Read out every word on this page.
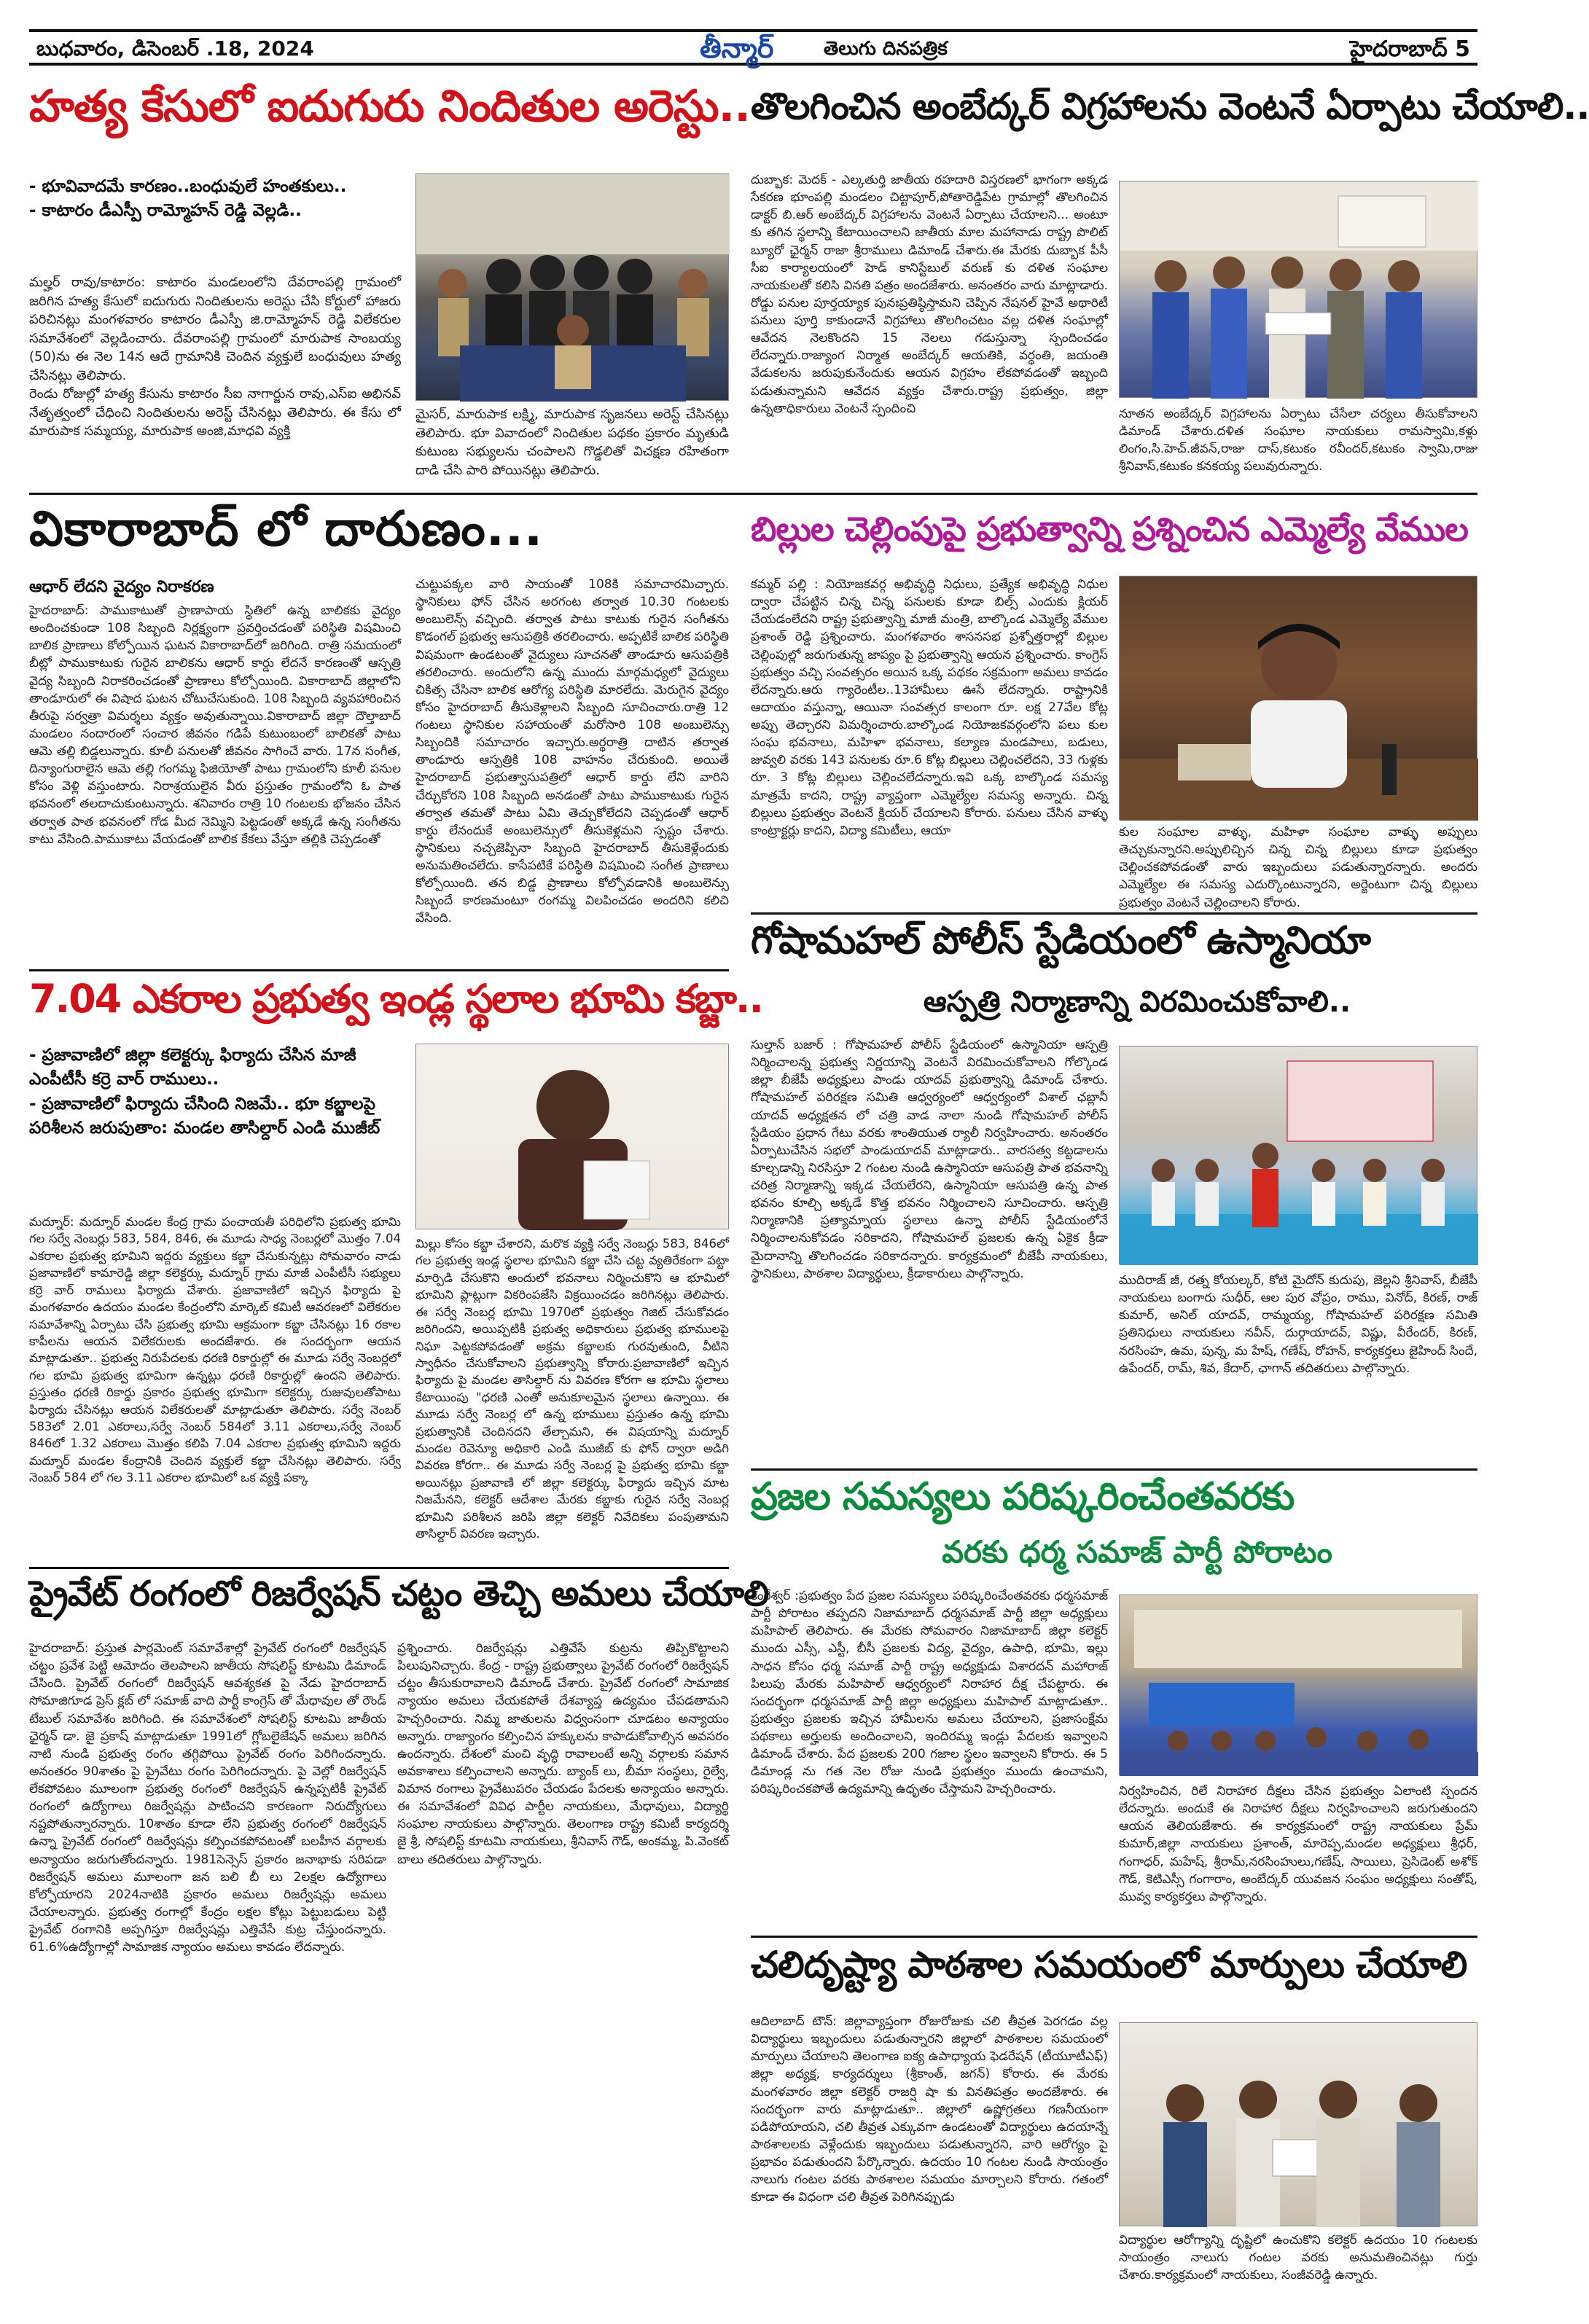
బుధవారం, డిసెంబర్ .18, 2024	తీన్మార్	తెలుగు దినపత్రిక	హైదరాబాద్ 5
హత్య కేసులో ఐదుగురు నిందితుల అరెస్టు..
- భూవివాదమే కారణం..బంధువులే హంతకులు..
- కాటారం డీఎస్పీ రామ్మోహన్ రెడ్డి వెల్లడి..
మల్హర్ రావు/కాటారం: కాటారం మండలంలోని దేవరాంపల్లి గ్రామంలో జరిగిన హత్య కేసులో ఐదుగురు నిందితులను అరెస్టు చేసి కోర్టులో హాజరు పరిచినట్లు మంగళవారం కాటారం డీఎస్పీ జి.రామ్మోహన్ రెడ్డి విలేకరుల సమావేశంలో వెల్లడించారు. దేవరాంపల్లి గ్రామంలో మారుపాక సాంబయ్య (50)ను ఈ నెల 14న ఆదే గ్రామానికి చెందిన వ్యక్తులే బంధువులు హత్య చేసినట్లు తెలిపారు.
రెండు రోజుల్లో హత్య కేసును కాటారం సీఐ నాగార్జున రావు,ఎస్‌ఐ అభినవ్ నేతృత్వంలో చేధించి నిందితులను అరెస్ట్ చేసినట్లు తెలిపారు. ఈ కేసు లో మారుపాక సమ్మయ్య, మారుపాక అంజి,మాధవి వ్యక్తి
మైసర్, మారుపాక లక్ష్మి, మారుపాక సృజనలు అరెస్ట్ చేసినట్లు తెలిపారు. భూ వివాదంలో నిందితుల పథకం ప్రకారం మృతుడి కుటుంబ సభ్యులను చంపాలని గొడ్డలితో విచక్షణ రహితంగా దాడి చేసి పారి పోయినట్లు తెలిపారు.
తొలగించిన అంబేద్కర్ విగ్రహాలను వెంటనే ఏర్పాటు చేయాలి..
దుబ్బాక: మెదక్ - ఎల్కతుర్తి జాతీయ రహదారి విస్తరణలో భాగంగా అక్కడ సేకరణ భూంపల్లి మండలం చిట్టాపూర్,పోతారెడ్డిపేట గ్రామాల్లో తొలగించిన డాక్టర్ బి.ఆర్ అంబేద్కర్ విగ్రహాలను వెంటనే ఏర్పాటు చేయాలని... అంటూ కు తగిన స్థలాన్ని కేటాయించాలని జాతీయ మాల మహానాడు రాష్ట్ర పొలిట్ బ్యూరో ఛైర్మన్ రాజా శ్రీరాములు డిమాండ్ చేశారు.ఈ మేరకు దుబ్బాక పీసీ సీఐ కార్యాలయంలో హెడ్ కానిస్టేబుల్ వరుణ్ కు దళిత సంఘాల నాయకులతో కలిసి వినతి పత్రం అందజేశారు. అనంతరం వారు మాట్లాడారు. రోడ్డు పనుల పూర్తయ్యాక పునఃప్రతిష్ఠిస్తామని చెప్పిన నేషనల్ హైవే అథారిటీ పనులు పూర్తి కాకుండానే విగ్రహాలు తొలగించటం వల్ల దళిత సంఘాల్లో ఆవేదన నెలకొందని 15 నెలలు గడుస్తున్నా స్పందించడం లేదన్నారు.రాజ్యాంగ నిర్మాత అంబేద్కర్ ఆయతికి, వర్ధంతి, జయంతి వేడుకలను జరుపుకునేందుకు ఆయన విగ్రహం లేకపోవడంతో ఇబ్బంది పడుతున్నామని ఆవేదన వ్యక్తం చేశారు.రాష్ట్ర ప్రభుత్వం, జిల్లా ఉన్నతాధికారులు వెంటనే స్పందించి	నూతన అంబేద్కర్ విగ్రహాలను ఏర్పాటు చేసేలా చర్యలు తీసుకోవాలని డిమాండ్ చేశారు.దళిత సంఘాల నాయకులు రామస్వామి,కళ్లు లింగం,సి.హెచ్.జీవన్,రాజు దాస్,కటుకం రవీందర్,కటుకం స్వామి,రాజు శ్రీనివాస్,కటుకం కనకయ్య పలువురున్నారు.
వికారాబాద్ లో దారుణం...
ఆధార్ లేదని వైద్యం నిరాకరణ
హైదరాబాద్: పాముకాటుతో ప్రాణాపాయ స్థితిలో ఉన్న బాలికకు వైద్యం అందించకుండా 108 సిబ్బంది నిర్లక్ష్యంగా ప్రవర్తించడంతో పరిస్థితి విషమించి బాలిక ప్రాణాలు కోల్పోయిన ఘటన వికారాబాద్‌లో జరిగింది. రాత్రి సమయంలో బీట్లో పాముకాటుకు గురైన బాలికను ఆధార్ కార్డు లేదనే కారణంతో ఆస్పత్రి వైద్య సిబ్బంది నిరాకరించడంతో ప్రాణాలు కోల్పోయింది. వికారాబాద్ జిల్లాలోని తాండూరులో ఈ విషాద ఘటన చోటుచేసుకుంది. 108 సిబ్బంది వ్యవహారించిన తీరుపై సర్వత్రా విమర్శలు వ్యక్తం అవుతున్నాయి.వికారాబాద్ జిల్లా దౌల్తాబాద్ మండలం నందారంలో సంచార జీవనం గడిపే కుటుంబంలో బాలికతో పాటు ఆమె తల్లి బిడ్డలున్నారు. కూలీ పనులతో జీవనం సాగించే వారు. 17న సంగీత, దిన్యాంగురాలైన ఆమె తల్లి గంగమ్మ ఫిజియోతో పాటు గ్రామంలోని కూలీ పనుల కోసం వెళ్లి వస్తుంటారు. నిరాశ్రయులైన వీరు ప్రస్తుతం గ్రామంలోని ఓ పాత భవనంలో తలదాచుకుంటున్నారు. శనివారం రాత్రి 10 గంటలకు భోజనం చేసిన తర్వాత పాత భవనంలో గోడ మీద నెమ్మిని పెట్టడంతో అక్కడే ఉన్న సంగీతను కాటు వేసింది.పాముకాటు వేయడంతో బాలిక కేకలు వేస్తూ తల్లికి చెప్పడంతో
చుట్టుపక్కల వారి సాయంతో 108కి సమాచారమిచ్చారు. స్థానికులు ఫోన్ చేసిన అరగంట తర్వాత 10.30 గంటలకు అంబులెన్స్ వచ్చింది. తర్వాత పాటు కాటుకు గురైన సంగీతను కొడంగల్ ప్రభుత్వ ఆసుపత్రికి తరలించారు. అప్పటికే బాలిక పరిస్థితి విషమంగా ఉండటంతో వైద్యులు సూచనతో తాండూరు ఆసుపత్రికి తరలించారు. అందులోని ఉన్న ముందు మార్గమధ్యలో వైద్యులు చికిత్స చేసినా బాలిక ఆరోగ్య పరిస్థితి మారలేదు. మెరుగైన వైద్యం కోసం హైదరాబాద్ తీసుకెళ్లాలని సిబ్బంది సూచించారు.రాత్రి 12 గంటలు స్థానికుల సహాయంతో మరోసారి 108 అంబులెన్సు సిబ్బందికి సమాచారం ఇచ్చారు.అర్థరాత్రి దాటిన తర్వాత తాండూరు ఆస్పత్రికి 108 వాహనం చేరుకుంది. అయితే హైదరాబాద్ ప్రభుత్వాసుపత్రిలో ఆధార్ కార్డు లేని వారిని చేర్చుకోరని 108 సిబ్బంది అనడంతో పాటు పాముకాటుకు గురైన తర్వాత తమతో పాటు ఏమి తెచ్చుకోలేదని చెప్పడంతో ఆధార్ కార్డు లేనందుకే అంబులెన్సులో తీసుకెళ్లమని స్పష్టం చేశారు. స్థానికులు నచ్చజెప్పినా సిబ్బంది హైదరాబాద్ తీసుకెళ్లేందుకు అనుమతించలేదు. కాసేపటికే పరిస్థితి విషమించి సంగీత ప్రాణాలు కోల్పోయింది. తన బిడ్డ ప్రాణాలు కోల్పోవడానికి అంబులెన్సు సిబ్బందే కారణమంటూ రంగమ్మ విలపించడం అందరిని కలిచి వేసింది.
బిల్లుల చెల్లింపుపై ప్రభుత్వాన్ని ప్రశ్నించిన ఎమ్మెల్యే వేముల
కమ్మర్ పల్లి : నియోజకవర్గ అభివృద్ధి నిధులు, ప్రత్యేక అభివృద్ధి నిధుల ద్వారా చేపట్టిన చిన్న చిన్న పనులకు కూడా బిల్స్ ఎందుకు క్లియర్ చేయడంలేదని రాష్ట్ర ప్రభుత్వాన్ని మాజీ మంత్రి, బాల్కొండ ఎమ్మెల్యే వేముల ప్రశాంత్ రెడ్డి ప్రశ్నించారు. మంగళవారం శాసనసభ ప్రశ్నోత్తరాల్లో బిల్లుల చెల్లింపుల్లో జరుగుతున్న జాప్యం పై ప్రభుత్వాన్ని ఆయన ప్రశ్నించారు. కాంగ్రెస్ ప్రభుత్వం వచ్చి సంవత్సరం అయిన ఒక్క పథకం సక్రమంగా అమలు కావడం లేదన్నారు.ఆరు గ్యారెంటీల..13హామీలు ఊసే లేదన్నారు. రాష్ట్రానికి ఆదాయం వస్తున్నా, ఆయినా సంవత్సర కాలంగా రూ. లక్ష 27వేల కోట్ల అప్పు తెచ్చారని విమర్శించారు.బాల్కొండ నియోజకవర్గంలోని పలు కుల సంఘ భవనాలు, మహిళా భవనాలు, కల్యాణ మండపాలు, బడులు, జువ్వలి వరకు 143 పనులకు రూ.6 కోట్ల బిల్లులు చెల్లించలేదని, 33 గుళ్లకు రూ. 3 కోట్ల బిల్లులు చెల్లించలేదన్నారు.ఇవి ఒక్క బాల్కొండ సమస్య మాత్రమే కాదని, రాష్ట్ర వ్యాప్తంగా ఎమ్మెల్యేల సమస్య అన్నారు. చిన్న బిల్లులు ప్రభుత్వం వెంటనే క్లియర్ చేయాలని కోరారు. పనులు చేసిన వాళ్ళు కాంట్రాక్టర్లు కాదని, విద్యా కమిటీలు, ఆయా	కుల సంఘాల వాళ్ళు, మహిళా సంఘాల వాళ్ళు అప్పులు తెచ్చుకున్నారని.అప్పులిచ్చిన చిన్న చిన్న బిల్లులు కూడా ప్రభుత్వం చెల్లించకపోవడంతో వారు ఇబ్బందులు పడుతున్నారన్నారు. అందరు ఎమ్మెల్యేల ఈ సమస్య ఎదుర్కొంటున్నారని, అర్జెంటుగా చిన్న బిల్లులు ప్రభుత్వం వెంటనే చెల్లించాలని కోరారు.
7.04 ఎకరాల ప్రభుత్వ ఇండ్ల స్థలాల భూమి కబ్జా..
- ప్రజావాణిలో జిల్లా కలెక్టర్కు ఫిర్యాదు చేసిన మాజీ ఎంపీటీసీ కర్రె వార్ రాములు..
- ప్రజావాణిలో ఫిర్యాదు చేసింది నిజమే.. భూ కబ్జాలపై పరిశీలన జరుపుతాం: మండల తాసిల్దార్ ఎండి ముజీబ్
మద్నూర్: మద్నూర్ మండల కేంద్ర గ్రామ పంచాయతీ పరిధిలోని ప్రభుత్వ భూమి గల సర్వే నెంబర్లు 583, 584, 846, ఈ మూడు సాధ్య నెంబర్లలో మొత్తం 7.04 ఎకరాల ప్రభుత్వ భూమిని ఇద్దరు వ్యక్తులు కబ్జా చేసుకున్నట్లు సోమవారం నాడు ప్రజావాణిలో కామారెడ్డి జిల్లా కలెక్టర్కు మద్నూర్ గ్రామ మాజీ ఎంపీటీసీ సభ్యులు కర్రె వార్ రాములు ఫిర్యాదు చేశారు. ప్రజావాణిలో ఇచ్చిన ఫిర్యాదు పై మంగళవారం ఉదయం మండల కేంద్రంలోని మార్కెట్ కమిటీ ఆవరణలో విలేకరుల సమావేశాన్ని ఏర్పాటు చేసి ప్రభుత్వ భూమి ఆక్రమంగా కబ్జా చేసినట్లు 16 రకాల కాపీలను ఆయన విలేకరులకు అందజేశారు. ఈ సందర్భంగా ఆయన మాట్లాడుతూ.. ప్రభుత్వ నిరుపేదలకు ధరణి రికార్డుల్లో ఈ మూడు సర్వే నెంబర్లలో గల భూమి ప్రభుత్వ భూమిగా ఉన్నట్లు ధరణి రికార్డుల్లో ఉందని తెలిపారు. ప్రస్తుతం ధరణి రికార్డు ప్రకారం ప్రభుత్వ భూమిగా కలెక్టర్కు రుజువులతోపాటు ఫిర్యాదు చేసినట్లు ఆయన విలేకరులతో మాట్లాడుతూ తెలిపారు. సర్వే నెంబర్ 583లో 2.01 ఎకరాలు,సర్వే నెంబర్ 584లో 3.11 ఎకరాలు,సర్వే నెంబర్ 846లో 1.32 ఎకరాలు మొత్తం కలిపి 7.04 ఎకరాల ప్రభుత్వ భూమిని ఇద్దరు మద్నూర్ మండల కేంద్రానికి చెందిన వ్యక్తులే కబ్జా చేసినట్లు తెలిపారు. సర్వే నెంబర్ 584 లో గల 3.11 ఎకరాల భూమిలో ఒక వ్యక్తి పక్కా
మిల్లు కోసం కబ్జా చేశారని, మరొక వ్యక్తి సర్వే నెంబర్లు 583, 846లో గల ప్రభుత్వ ఇండ్ల స్థలాల భూమిని కబ్జా చేసి చట్ట వ్యతిరేకంగా పట్టా మార్పిడి చేసుకొని అందులో భవనాలు నిర్మించుకొని ఆ భూమిలో భూమిని ప్లాట్లుగా వికరింపజేసి విక్రయించడం జరిగినట్లు తెలిపారు. ఈ సర్వే నెంబర్ల భూమి 1970లో ప్రభుత్వం గెజిట్ చేసుకోవడం జరిగిందని, అయిప్పటికీ ప్రభుత్వ అధికారులు ప్రభుత్వ భూములపై నిఘా పెట్టకపోవడంతో అక్రమ కబ్జాలకు గురవుతుంది, వీటిని స్వాధీనం చేసుకోవాలని ప్రభుత్వాన్ని కోరారు.ప్రజావాణిలో ఇచ్చిన ఫిర్యాదు పై మండల తాసిల్దార్ ను వివరణ కోరగా ఆ భూమి స్థలాలు కేటాయింపు "ధరణి ఎంతో అనుకూలమైన స్థలాలు ఉన్నాయి. ఈ మూడు సర్వే నెంబర్ల లో ఉన్న భూములు ప్రస్తుతం ఉన్న భూమి ప్రభుత్వానికి చెందినదని తేల్చామని, ఈ విషయాన్ని మద్నూర్ మండల రెవెన్యూ అధికారి ఎండి ముజీబ్ కు ఫోన్ ద్వారా అడిగి వివరణ కోరగా.. ఈ మూడు సర్వే నెంబర్ల పై ప్రభుత్వ భూమి కబ్జా అయినట్లు ప్రజావాణి లో జిల్లా కలెక్టర్కు ఫిర్యాదు ఇచ్చిన మాట నిజమేనని, కలెక్టర్ ఆదేశాల మేరకు కబ్జాకు గురైన సర్వే నెంబర్ల భూమిని పరిశీలన జరిపి జిల్లా కలెక్టర్ నివేదికలు పంపుతామని తాసిల్దార్ వివరణ ఇచ్చారు.
గోషామహల్ పోలీస్ స్టేడియంలో ఉస్మానియా
ఆస్పత్రి నిర్మాణాన్ని విరమించుకోవాలి..
సుల్తాన్ బజార్ : గోషామహల్ పోలీస్ స్టేడియంలో ఉస్మానియా ఆస్పత్రి నిర్మించాలన్న ప్రభుత్వ నిర్ణయాన్ని వెంటనే విరమించుకోవాలని గోల్కొండ జిల్లా బీజేపీ అధ్యక్షులు పాండు యాదవ్ ప్రభుత్వాన్ని డిమాండ్ చేశారు. గోషామహల్ పరిరక్షణ సమితి ఆధ్వర్యంలో ఆధ్వర్యంలో విశాల్ ఛబ్లానీ యాదవ్ అధ్యక్షతన లో చత్రి వాడ నాలా నుండి గోషామహల్ పోలీస్ స్టేడియం ప్రధాన గేటు వరకు శాంతియుత ర్యాలీ నిర్వహించారు. అనంతరం ఏర్పాటుచేసిన సభలో పాండుయాదవ్ మాట్లాడారు.. వారసత్వ కట్టడాలను కూల్చడాన్ని నిరసిస్తూ 2 గంటల నుండి ఉస్మానియా ఆసుపత్రి పాత భవనాన్ని చరిత్ర నిర్మాణాన్ని ఇక్కడ చేయలేరని, ఉస్మానియా ఆసుపత్రి ఉన్న పాత భవనం కూల్చి అక్కడే కొత్త భవనం నిర్మించాలని సూచించారు. ఆస్పత్రి నిర్మాణానికి ప్రత్యామ్నాయ స్థలాలు ఉన్నా పోలీస్ స్టేడియంలోనే నిర్మించాలనుకోవడం సరికాదని, గోషామహల్ ప్రజలకు ఉన్న ఏకైక క్రీడా మైదానాన్ని తొలగించడం సరికాదన్నారు. కార్యక్రమంలో బీజేపీ నాయకులు, స్థానికులు, పాఠశాల విద్యార్థులు, క్రీడాకారులు పాల్గొన్నారు.	ముదిరాజ్ జీ, రత్న కోయల్కర్, కోటి మైదోన్ కుదుపు, జెల్లని శ్రీనివాస్, బీజేపీ నాయకులు బంగారు సుధీర్, ఆల పుర వోప్రం, రాము, వినోద్, కిరణ్, రాజ్ కుమార్, అనిల్ యాదవ్, రామ్మయ్య, గోషామహల్ పరిరక్షణ సమితి ప్రతినిధులు నాయకులు నవీన్, దుర్గాయాదవ్, విష్ణు, వీరేందర్, కిరణ్, నరసింహ, ఉమ, పున్న, మ హేష్, గణేష్, రోహన్, కార్యకర్తలు జైహింద్ సిందే, ఉపేందర్, రామ్, శివ, కేదార్, ఛాగాన్ తదితరులు పాల్గొన్నారు.
ప్రజల సమస్యలు పరిష్కరించేంతవరకు
వరకు ధర్మ సమాజ్ పార్టీ పోరాటం
కంఠేశ్వర్ :ప్రభుత్వం పేద ప్రజల సమస్యలు పరిష్కరించేంతవరకు ధర్మసమాజ్ పార్టీ పోరాటం తప్పదని నిజామాబాద్ ధర్మసమాజ్ పార్టీ జిల్లా అధ్యక్షులు మహిపాల్ తెలిపారు. ఈ మేరకు సోమవారం నిజామాబాద్ జిల్లా కలెక్టర్ ముందు ఎస్సీ, ఎస్టీ, బీసీ ప్రజలకు విద్య, వైద్యం, ఉపాధి, భూమి, ఇల్లు సాధన కోసం ధర్మ సమాజ్ పార్టీ రాష్ట్ర అధ్యక్షుడు విశారదన్ మహారాజ్ పిలుపు మేరకు మహిపాల్ ఆధ్వర్యంలో నిరాహార దీక్ష చేపట్టారు. ఈ సందర్భంగా ధర్మసమాజ్ పార్టీ జిల్లా అధ్యక్షులు మహిపాల్ మాట్లాడుతూ.. ప్రభుత్వం ప్రజలకు ఇచ్చిన హామీలను అమలు చేయాలని, ప్రజాసంక్షేమ పథకాలు అర్హులకు అందించాలని, ఇందిరమ్మ ఇండ్లు పేదలకు ఇవ్వాలని డిమాండ్ చేశారు. పేద ప్రజలకు 200 గజాల స్థలం ఇవ్వాలని కోరారు. ఈ 5 డిమాండ్ల ను గత నెల రోజు నుండి ప్రభుత్వం ముందు ఉంచామని, పరిష్కరించకపోతే ఉద్యమాన్ని ఉధృతం చేస్తామని హెచ్చరించారు.	నిర్వహించిన, రిలే నిరాహార దీక్షలు చేసిన ప్రభుత్వం ఏలాంటి స్పందన లేదన్నారు. అందుకే ఈ నిరాహార దీక్షలు నిర్వహించాలని జరుగుతుందని ఆయన తెలియజేశారు. ఈ కార్యక్రమంలో రాష్ట్ర నాయకులు ప్రేమ్ కుమార్,జిల్లా నాయకులు ప్రశాంత్, మారెప్ప,మండల అధ్యక్షులు శ్రీధర్, గంగాధర్, మహేష్, శ్రీరామ్,నరసింహులు,గణేష్, సాయిలు, ప్రెసిడెంట్ అశోక్ గౌడ్, కెటిఎస్సీ గంగారాం, అంబేద్కర్ యువజన సంఘం అధ్యక్షులు సంతోష్, మువ్వ కార్యకర్తలు పాల్గొన్నారు.
ప్రైవేట్ రంగంలో రిజర్వేషన్ చట్టం తెచ్చి అమలు చేయాలి
హైదరాబాద్: ప్రస్తుత పార్లమెంట్ సమావేశాల్లో ప్రైవేట్ రంగంలో రిజర్వేషన్ చట్టం ప్రవేశ పెట్టి ఆమోదం తెలపాలని జాతీయ సోషలిస్ట్ కూటమి డిమాండ్ చేసింది. ప్రైవేట్ రంగంలో రిజర్వేషన్ ఆవశ్యకత పై నేడు హైదరాబాద్ సోమాజిగూడ ప్రెస్ క్లబ్ లో సమాజ్ వాది పార్టీ కాంగ్రెస్ తో మేధావుల తో రౌండ్ టేబుల్ సమావేశం జరిగింది. ఈ సమావేశంలో సోషలిస్ట్ కూటమి జాతీయ ఛైర్మన్ డా. జై ప్రకాష్ మాట్లాడుతూ 1991లో గ్లోబలైజేషన్ అమలు జరిగిన నాటి నుండి ప్రభుత్వ రంగం తగ్గిపోయి ప్రైవేట్ రంగం పెరిగిందన్నారు. అనంతరం 90శాతం పై ప్రైవేటు రంగం పెరిగిందన్నారు. పై వెల్లో రిజర్వేషన్ లేకపోవటం మూలంగా ప్రభుత్వ రంగంలో రిజర్వేషన్ ఉన్నప్పటికీ ప్రైవేట్ రంగంలో ఉద్యోగాలు రిజర్వేషన్లు పాటించని కారణంగా నిరుద్యోగులు నష్టపోతున్నారన్నారు. 10శాతం కూడా లేని ప్రభుత్వ రంగంలో రిజర్వేషన్ ఉన్నా ప్రైవేట్ రంగంలో రిజర్వేషన్లు కల్పించకపోవటంతో బలహీన వర్గాలకు అన్యాయం జరుగుతోందన్నారు. 1981సెన్సెస్ ప్రకారం జనాభాకు సరిపడా రిజర్వేషన్ అమలు మూలంగా జన బలి బీ లు 2లక్షల ఉద్యోగాలు కోల్పోయారని 2024నాటికి ప్రకారం అమలు రిజర్వేషన్లు అమలు చేయాలన్నారు. ప్రభుత్వ రంగాల్లో కేంద్రం లక్షల కోట్లు పెట్టుబడులు పెట్టి ప్రైవేట్ రంగానికి అప్పగిస్తూ రిజర్వేషన్లు ఎత్తివేసే కుట్ర చేస్తుందన్నారు. 61.6%ఉద్యోగాల్లో సామాజిక న్యాయం అమలు కావడం లేదన్నారు.
ప్రశ్నించారు. రిజర్వేషన్లు ఎత్తివేసే కుట్రను తిప్పికొట్టాలని పిలుపునిచ్చారు. కేంద్ర - రాష్ట్ర ప్రభుత్వాలు ప్రైవేట్ రంగంలో రిజర్వేషన్ చట్టం తీసుకురావాలని డిమాండ్ చేశారు. ప్రైవేట్ రంగంలో సామాజిక న్యాయం అమలు చేయకపోతే దేశవ్యాప్త ఉద్యమం చేపడతామని హెచ్చరించారు. నిమ్మ జాతులను విధ్వంసంగా చూడటం అన్యాయం అన్నారు. రాజ్యాంగం కల్పించిన హక్కులను కాపాడుకోవాల్సిన అవసరం ఉందన్నారు. దేశంలో మంచి వృద్ధి రావాలంటే అన్ని వర్గాలకు సమాన అవకాశాలు కల్పించాలని అన్నారు. బ్యాంక్ లు, బీమా సంస్థలు, రైల్వే, విమాన రంగాలు ప్రైవేటుపరం చేయడం పేదలకు అన్యాయం అన్నారు. ఈ సమావేశంలో వివిధ పార్టీల నాయకులు, మేధావులు, విద్యార్థి సంఘాల నాయకులు పాల్గొన్నారు. తెలంగాణ రాష్ట్ర కమిటీ కార్యదర్శి జై శ్రీ, సోషలిస్ట్ కూటమి నాయకులు, శ్రీనివాస్ గౌడ్, అంకమ్మ, పి.వెంకట్ బాలు తదితరులు పాల్గొన్నారు.
చలిదృష్ట్యా పాఠశాల సమయంలో మార్పులు చేయాలి
ఆదిలాబాద్ టౌన్: జిల్లావ్యాప్తంగా రోజురోజుకు చలి తీవ్రత పెరగడం వల్ల విద్యార్థులు ఇబ్బందులు పడుతున్నారని జిల్లాలో పాఠశాలల సమయంలో మార్పులు చేయాలని తెలంగాణ ఐక్య ఉపాధ్యాయ ఫెడరేషన్ (టీయూటీఎఫ్) జిల్లా అధ్యక్ష, కార్యదర్శులు (శ్రీకాంత్, జగన్) కోరారు. ఈ మేరకు మంగళవారం జిల్లా కలెక్టర్ రాజర్షి షా కు వినతిపత్రం అందజేశారు. ఈ సందర్భంగా వారు మాట్లాడుతూ.. జిల్లాలో ఉష్ణోగ్రతలు గణనీయంగా పడిపోయాయని, చలి తీవ్రత ఎక్కువగా ఉండటంతో విద్యార్థులు ఉదయాన్నే పాఠశాలలకు వెళ్లేందుకు ఇబ్బందులు పడుతున్నారని, వారి ఆరోగ్యం పై ప్రభావం పడుతుందని పేర్కొన్నారు. ఉదయం 10 గంటల నుండి సాయంత్రం నాలుగు గంటల వరకు పాఠశాలల సమయం మార్చాలని కోరారు. గతంలో కూడా ఈ విధంగా చలి తీవ్రత పెరిగినప్పుడు
విద్యార్థుల ఆరోగ్యాన్ని దృష్టిలో ఉంచుకొని కలెక్టర్ ఉదయం 10 గంటలకు సాయంత్రం నాలుగు గంటల వరకు అనుమతించినట్లు గుర్తు చేశారు.కార్యక్రమంలో నాయకులు, సంజీవరెడ్డి ఉన్నారు.
